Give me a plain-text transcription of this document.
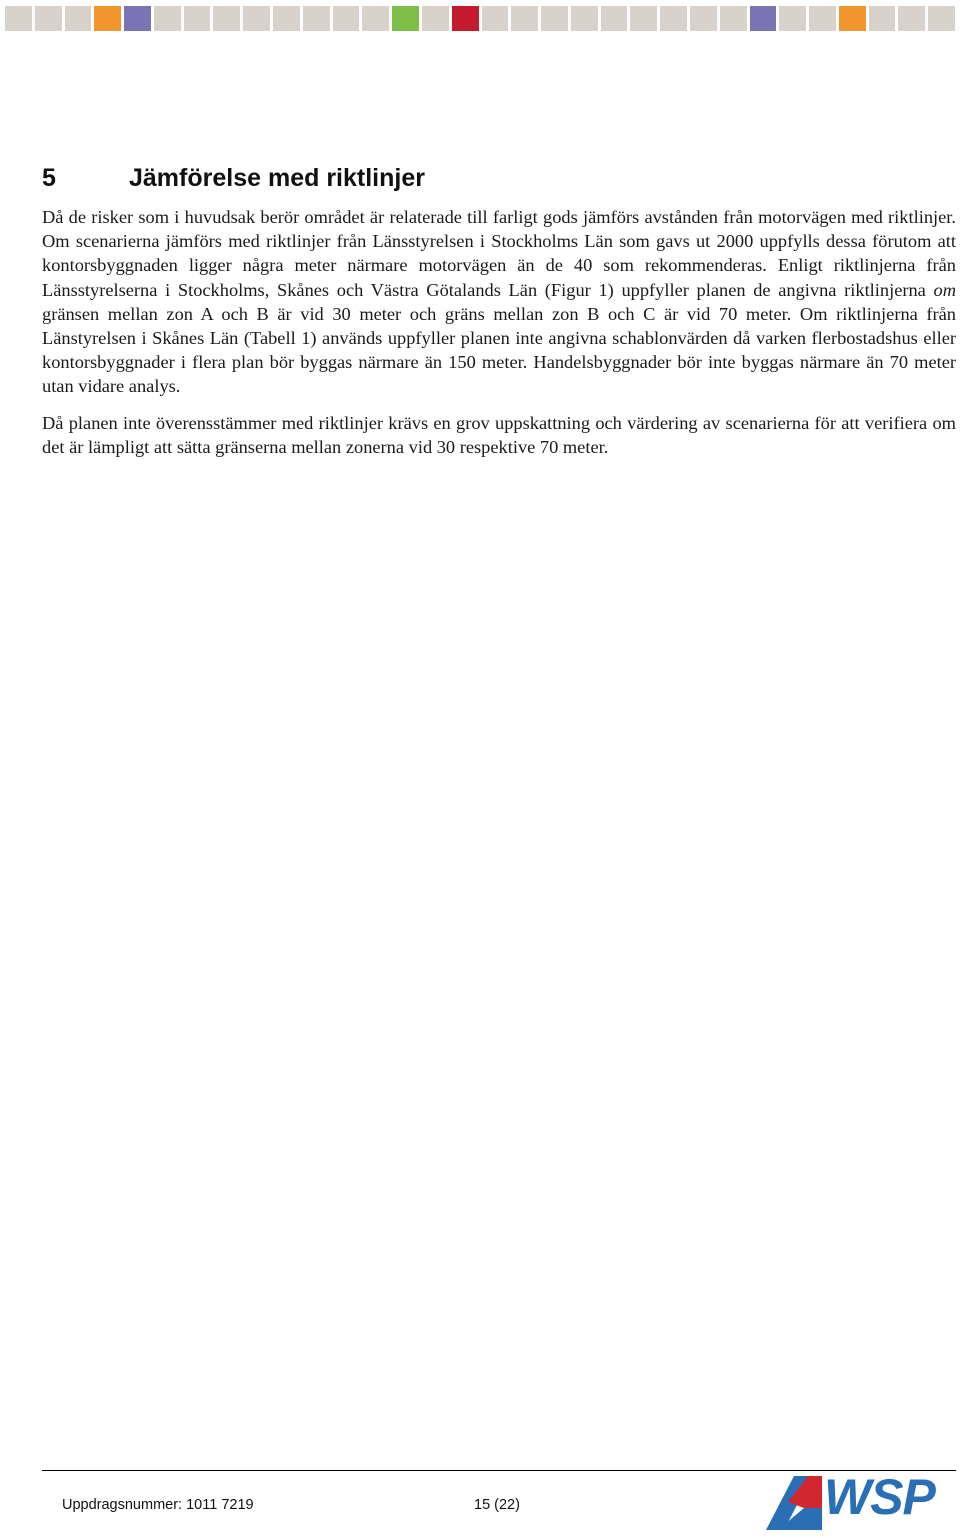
5	Jämförelse med riktlinjer

Då de risker som i huvudsak berör området är relaterade till farligt gods jämförs avstånden från motorvägen med riktlinjer. Om scenarierna jämförs med riktlinjer från Länsstyrelsen i Stockholms Län som gavs ut 2000 uppfylls dessa förutom att kontorsbyggnaden ligger några meter närmare motorvägen än de 40 som rekommenderas. Enligt riktlinjerna från Länsstyrelserna i Stockholms, Skånes och Västra Götalands Län (Figur 1) uppfyller planen de angivna riktlinjerna om gränsen mellan zon A och B är vid 30 meter och gräns mellan zon B och C är vid 70 meter. Om riktlinjerna från Länstyrelsen i Skånes Län (Tabell 1) används uppfyller planen inte angivna schablonvärden då varken flerbostadshus eller kontorsbyggnader i flera plan bör byggas närmare än 150 meter. Handelsbyggnader bör inte byggas närmare än 70 meter utan vidare analys.

Då planen inte överensstämmer med riktlinjer krävs en grov uppskattning och värdering av scenarierna för att verifiera om det är lämpligt att sätta gränserna mellan zonerna vid 30 respektive 70 meter.

Uppdragsnummer: 1011 7219	15 (22)	WSP
